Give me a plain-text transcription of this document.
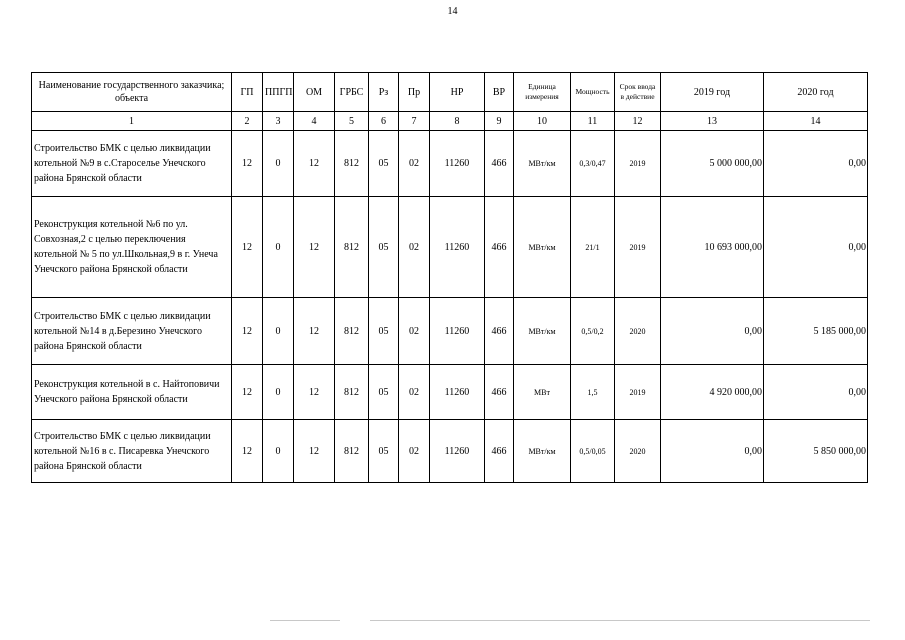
14
Наименование государственного заказчика; объекта	ГП	ППГП	ОМ	ГРБС	Рз	Пр	НР	ВР	Единица измерения	Мощность	Срок ввода в действие	2019 год	2020 год
1	2	3	4	5	6	7	8	9	10	11	12	13	14
Строительство БМК с целью ликвидации котельной №9 в с.Староселье Унечского района Брянской области	12	0	12	812	05	02	11260	466	МВт/км	0,3/0,47	2019	5 000 000,00	0,00
Реконструкция котельной №6 по ул. Совхозная,2 с целью переключения котельной № 5 по ул.Школьная,9 в г. Унеча Унечского района Брянской области	12	0	12	812	05	02	11260	466	МВт/км	21/1	2019	10 693 000,00	0,00
Строительство БМК с целью ликвидации котельной №14 в д.Березино Унечского района Брянской области	12	0	12	812	05	02	11260	466	МВт/км	0,5/0,2	2020	0,00	5 185 000,00
Реконструкция котельной в с. Найтоповичи Унечского района Брянской области	12	0	12	812	05	02	11260	466	МВт	1,5	2019	4 920 000,00	0,00
Строительство БМК с целью ликвидации котельной №16 в с. Писаревка Унечского района Брянской области	12	0	12	812	05	02	11260	466	МВт/км	0,5/0,05	2020	0,00	5 850 000,00
